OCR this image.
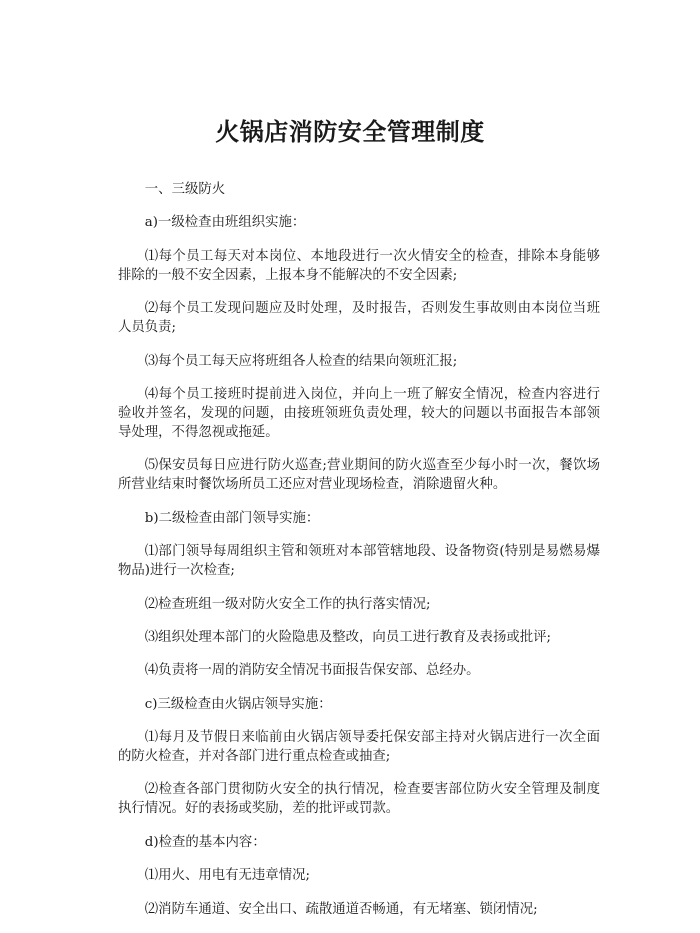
火锅店消防安全管理制度

一、三级防火

a)一级检查由班组织实施：

⑴每个员工每天对本岗位、本地段进行一次火情安全的检查，排除本身能够排除的一般不安全因素，上报本身不能解决的不安全因素;

⑵每个员工发现问题应及时处理，及时报告，否则发生事故则由本岗位当班人员负责;

⑶每个员工每天应将班组各人检查的结果向领班汇报;

⑷每个员工接班时提前进入岗位，并向上一班了解安全情况，检查内容进行验收并签名，发现的问题，由接班领班负责处理，较大的问题以书面报告本部领导处理，不得忽视或拖延。

⑸保安员每日应进行防火巡查;营业期间的防火巡查至少每小时一次，餐饮场所营业结束时餐饮场所员工还应对营业现场检查，消除遗留火种。

b)二级检查由部门领导实施：

⑴部门领导每周组织主管和领班对本部管辖地段、设备物资(特别是易燃易爆物品)进行一次检查;

⑵检查班组一级对防火安全工作的执行落实情况;

⑶组织处理本部门的火险隐患及整改，向员工进行教育及表扬或批评;

⑷负责将一周的消防安全情况书面报告保安部、总经办。

c)三级检查由火锅店领导实施：

⑴每月及节假日来临前由火锅店领导委托保安部主持对火锅店进行一次全面的防火检查，并对各部门进行重点检查或抽查;

⑵检查各部门贯彻防火安全的执行情况，检查要害部位防火安全管理及制度执行情况。好的表扬或奖励，差的批评或罚款。

d)检查的基本内容：

⑴用火、用电有无违章情况;

⑵消防车通道、安全出口、疏散通道否畅通，有无堵塞、锁闭情况;
